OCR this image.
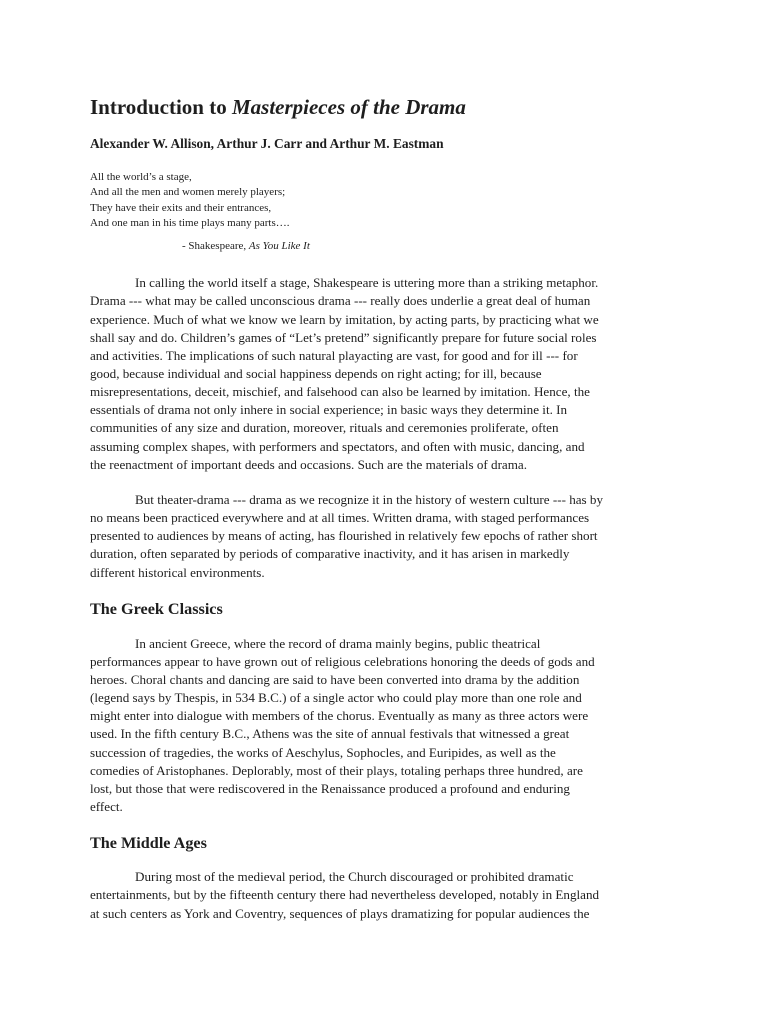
Introduction to Masterpieces of the Drama

Alexander W. Allison, Arthur J. Carr and Arthur M. Eastman

All the world’s a stage,
And all the men and women merely players;
They have their exits and their entrances,
And one man in his time plays many parts….

- Shakespeare, As You Like It

In calling the world itself a stage, Shakespeare is uttering more than a striking metaphor.
Drama --- what may be called unconscious drama --- really does underlie a great deal of human
experience. Much of what we know we learn by imitation, by acting parts, by practicing what we
shall say and do. Children’s games of “Let’s pretend” significantly prepare for future social roles
and activities. The implications of such natural playacting are vast, for good and for ill --- for
good, because individual and social happiness depends on right acting; for ill, because
misrepresentations, deceit, mischief, and falsehood can also be learned by imitation. Hence, the
essentials of drama not only inhere in social experience; in basic ways they determine it. In
communities of any size and duration, moreover, rituals and ceremonies proliferate, often
assuming complex shapes, with performers and spectators, and often with music, dancing, and
the reenactment of important deeds and occasions. Such are the materials of drama.

But theater-drama --- drama as we recognize it in the history of western culture --- has by
no means been practiced everywhere and at all times. Written drama, with staged performances
presented to audiences by means of acting, has flourished in relatively few epochs of rather short
duration, often separated by periods of comparative inactivity, and it has arisen in markedly
different historical environments.

The Greek Classics

In ancient Greece, where the record of drama mainly begins, public theatrical
performances appear to have grown out of religious celebrations honoring the deeds of gods and
heroes. Choral chants and dancing are said to have been converted into drama by the addition
(legend says by Thespis, in 534 B.C.) of a single actor who could play more than one role and
might enter into dialogue with members of the chorus. Eventually as many as three actors were
used. In the fifth century B.C., Athens was the site of annual festivals that witnessed a great
succession of tragedies, the works of Aeschylus, Sophocles, and Euripides, as well as the
comedies of Aristophanes. Deplorably, most of their plays, totaling perhaps three hundred, are
lost, but those that were rediscovered in the Renaissance produced a profound and enduring
effect.

The Middle Ages

During most of the medieval period, the Church discouraged or prohibited dramatic
entertainments, but by the fifteenth century there had nevertheless developed, notably in England
at such centers as York and Coventry, sequences of plays dramatizing for popular audiences the
